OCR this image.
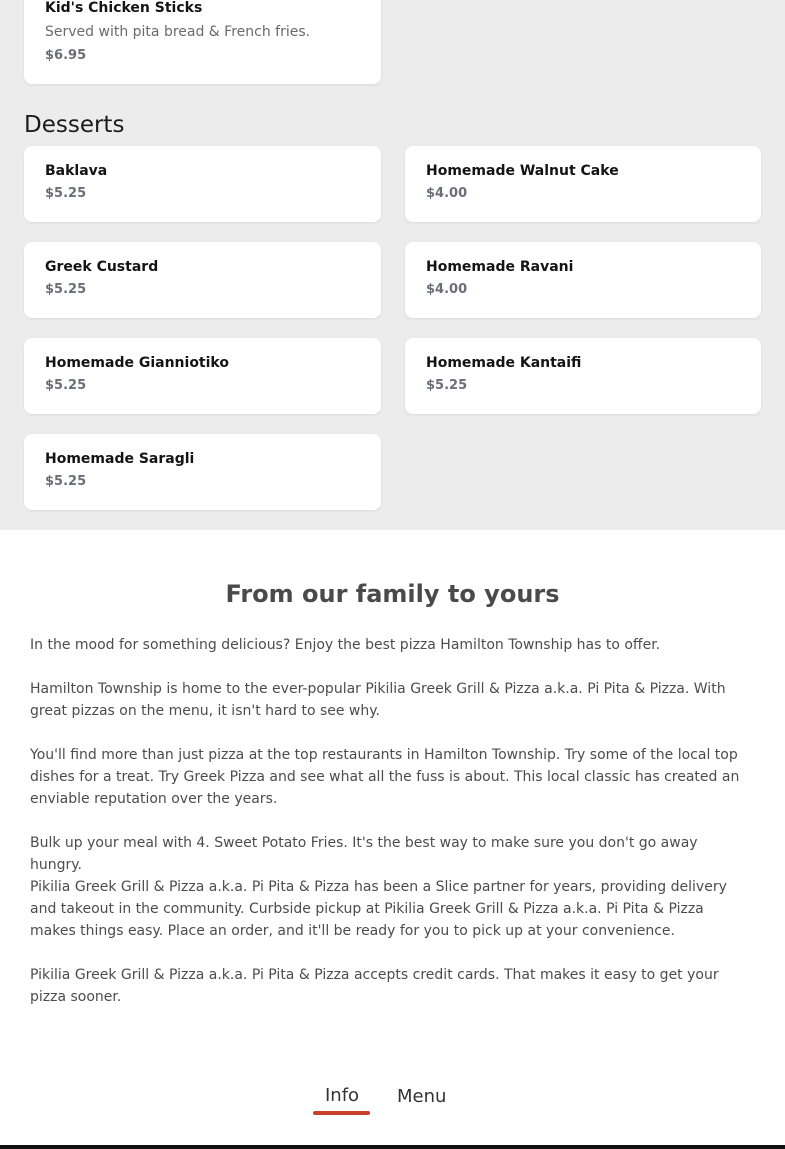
Kid's Chicken Sticks
Served with pita bread & French fries.
$6.95
Desserts
Baklava
$5.25
Homemade Walnut Cake
$4.00
Greek Custard
$5.25
Homemade Ravani
$4.00
Homemade Gianniotiko
$5.25
Homemade Kantaifi
$5.25
Homemade Saragli
$5.25
From our family to yours

In the mood for something delicious? Enjoy the best pizza Hamilton Township has to offer.

Hamilton Township is home to the ever-popular Pikilia Greek Grill & Pizza a.k.a. Pi Pita & Pizza. With great pizzas on the menu, it isn't hard to see why.

You'll find more than just pizza at the top restaurants in Hamilton Township. Try some of the local top dishes for a treat. Try Greek Pizza and see what all the fuss is about. This local classic has created an enviable reputation over the years.

Bulk up your meal with 4. Sweet Potato Fries. It's the best way to make sure you don't go away hungry.

Pikilia Greek Grill & Pizza a.k.a. Pi Pita & Pizza has been a Slice partner for years, providing delivery and takeout in the community. Curbside pickup at Pikilia Greek Grill & Pizza a.k.a. Pi Pita & Pizza makes things easy. Place an order, and it'll be ready for you to pick up at your convenience.

Pikilia Greek Grill & Pizza a.k.a. Pi Pita & Pizza accepts credit cards. That makes it easy to get your pizza sooner.

Info Menu
